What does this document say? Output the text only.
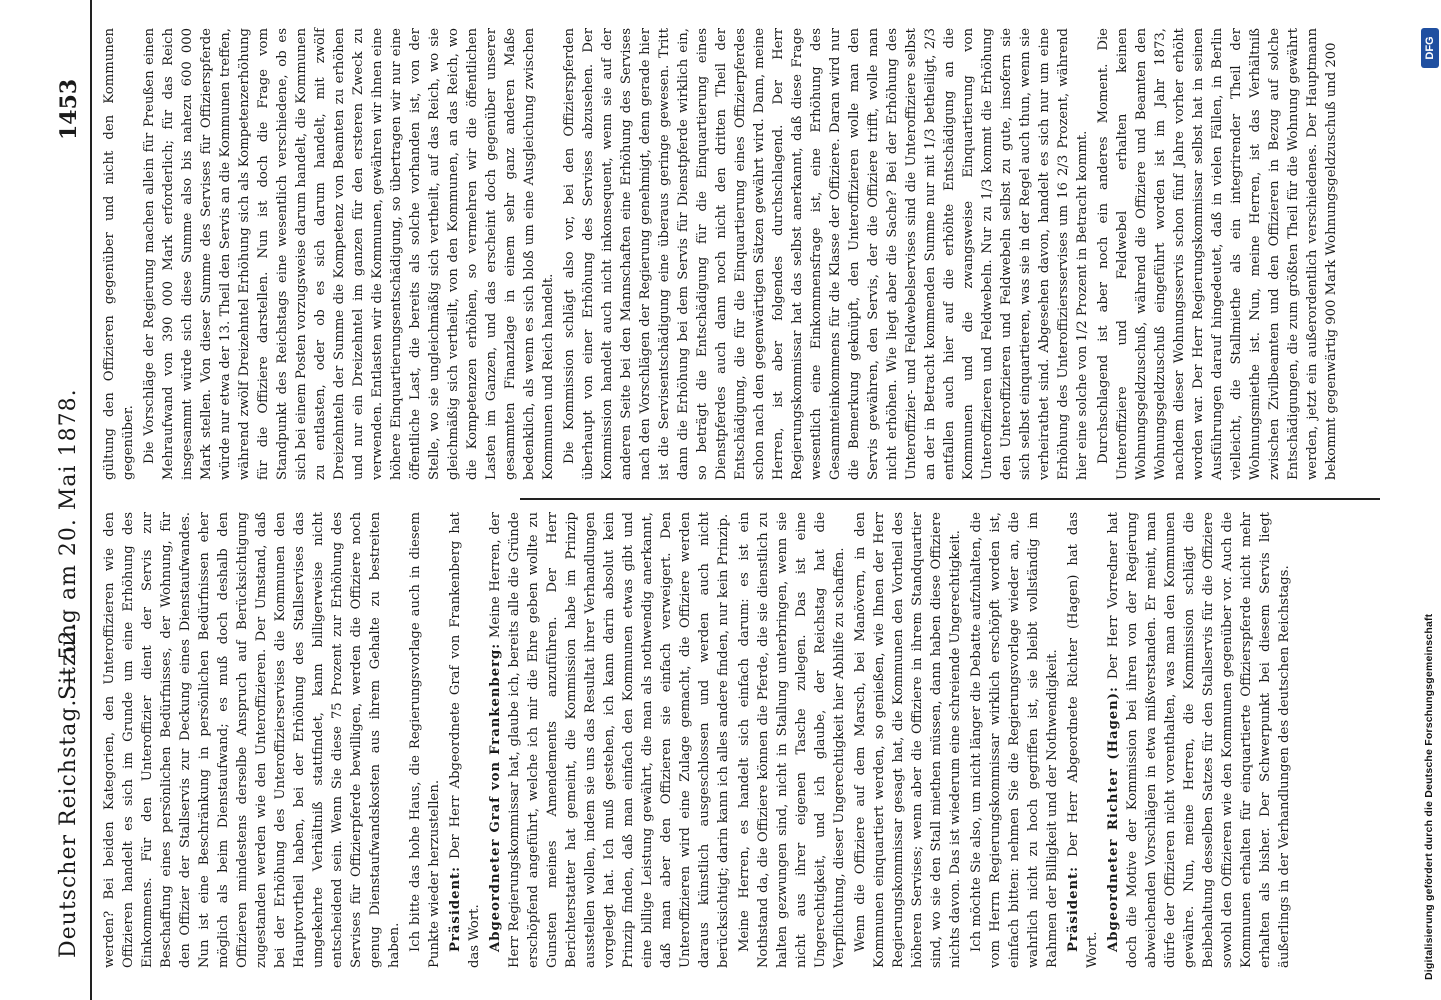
Deutscher Reichstag. — 52.
Sitzung am 20. Mai 1878.
1453

werden? Bei beiden Kategorien, den Unteroffizieren wie den Offizieren handelt es sich im Grunde um eine Erhöhung des Einkommens. Für den Unteroffizier dient der Servis zur Beschaffung eines persönlichen Bedürfnisses, der Wohnung, für den Offizier der Stallservis zur Deckung eines Dienstaufwandes. Nun ist eine Beschränkung in persönlichen Bedürfnissen eher möglich als beim Dienstaufwand; es muß doch deshalb den Offizieren mindestens derselbe Anspruch auf Berücksichtigung zugestanden werden wie den Unteroffizieren. Der Umstand, daß bei der Erhöhung des Unteroffizierservises die Kommunen den Hauptvortheil haben, bei der Erhöhung des Stallservises das umgekehrte Verhältniß stattfindet, kann billigerweise nicht entscheidend sein. Wenn Sie diese 75 Prozent zur Erhöhung des Servises für Offizierpferde bewilligen, werden die Offiziere noch genug Dienstaufwandskosten aus ihrem Gehalte zu bestreiten haben. Ich bitte das hohe Haus, die Regierungsvorlage auch in diesem Punkte wieder herzustellen. Präsident: Der Herr Abgeordnete Graf von Frankenberg hat das Wort. Abgeordneter Graf von Frankenberg: Meine Herren, der Herr Regierungskommissar hat, glaube ich, bereits alle die Gründe erschöpfend angeführt, welche ich mir die Ehre geben wollte zu Gunsten meines Amendements anzuführen. Der Herr Berichterstatter hat gemeint, die Kommission habe im Prinzip ausstellen wollen, indem sie uns das Resultat ihrer Verhandlungen vorgelegt hat. Ich muß gestehen, ich kann darin absolut kein Prinzip finden, daß man einfach den Kommunen etwas gibt und eine billige Leistung gewährt, die man als nothwendig anerkannt, daß man aber den Offizieren sie einfach verweigert. Den Unteroffizieren wird eine Zulage gemacht, die Offiziere werden daraus künstlich ausgeschlossen und werden auch nicht berücksichtigt; darin kann ich alles andere finden, nur kein Prinzip. Meine Herren, es handelt sich einfach darum: es ist ein Nothstand da, die Offiziere können die Pferde, die sie dienstlich zu halten gezwungen sind, nicht in Stallung unterbringen, wenn sie nicht aus ihrer eigenen Tasche zulegen. Das ist eine Ungerechtigkeit, und ich glaube, der Reichstag hat die Verpflichtung, dieser Ungerechtigkeit hier Abhilfe zu schaffen. Wenn die Offiziere auf dem Marsch, bei Manövern, in den Kommunen einquartiert werden, so genießen, wie Ihnen der Herr Regierungskommissar gesagt hat, die Kommunen den Vortheil des höheren Servises; wenn aber die Offiziere in ihrem Standquartier sind, wo sie den Stall miethen müssen, dann haben diese Offiziere nichts davon. Das ist wiederum eine schreiende Ungerechtigkeit. Ich möchte Sie also, um nicht länger die Debatte aufzuhalten, die vom Herrn Regierungskommissar wirklich erschöpft worden ist, einfach bitten: nehmen Sie die Regierungsvorlage wieder an, die wahrlich nicht zu hoch gegriffen ist, sie bleibt vollständig im Rahmen der Billigkeit und der Nothwendigkeit. Präsident: Der Herr Abgeordnete Richter (Hagen) hat das Wort. Abgeordneter Richter (Hagen): Der Herr Vorredner hat doch die Motive der Kommission bei ihren von der Regierung abweichenden Vorschlägen in etwa mißverstanden. Er meint, man dürfe der Offizieren nicht vorenthalten, was man den Kommunen gewähre. Nun, meine Herren, die Kommission schlägt die Beibehaltung desselben Satzes für den Stallservis für die Offiziere sowohl den Offizieren wie den Kommunen gegenüber vor. Auch die Kommunen erhalten für einquartierte Offizierspferde nicht mehr erhalten als bisher. Der Schwerpunkt bei diesem Servis liegt äußerlings in der Verhandlungen des deutschen Reichstags.

gültung den Offizieren gegenüber und nicht den Kommunen gegenüber. Die Vorschläge der Regierung machen allein für Preußen einen Mehraufwand von 390 000 Mark erforderlich; für das Reich insgesammt würde sich diese Summe also bis nahezu 600 000 Mark stellen. Von dieser Summe des Servises für Offizierspferde würde nur etwa der 13. Theil den Servis an die Kommunen treffen, während zwölf Dreizehntel Erhöhung sich als Kompetenzerhöhung für die Offiziere darstellen. Nun ist doch die Frage vom Standpunkt des Reichstags eine wesentlich verschiedene, ob es sich bei einem Posten vorzugsweise darum handelt, die Kommunen zu entlasten, oder ob es sich darum handelt, mit zwölf Dreizehnteln der Summe die Kompetenz von Beamten zu erhöhen und nur ein Dreizehntel im ganzen für den ersteren Zweck zu verwenden. Entlasten wir die Kommunen, gewähren wir ihnen eine höhere Einquartierungsentschädigung, so übertragen wir nur eine öffentliche Last, die bereits als solche vorhanden ist, von der Stelle, wo sie ungleichmäßig sich vertheilt, auf das Reich, wo sie gleichmäßig sich vertheilt, von den Kommunen, an das Reich, wo die Kompetenzen erhöhen, so vermehren wir die öffentlichen Lasten im Ganzen, und das erscheint doch gegenüber unserer gesammten Finanzlage in einem sehr ganz anderen Maße bedenklich, als wenn es sich bloß um eine Ausgleichung zwischen Kommunen und Reich handelt. Die Kommission schlägt also vor, bei den Offizierspferden überhaupt von einer Erhöhung des Servises abzusehen. Der Kommission handelt auch nicht inkonsequent, wenn sie auf der anderen Seite bei den Mannschaften eine Erhöhung des Servises nach den Vorschlägen der Regierung genehmigt, denn gerade hier ist die Servisentschädigung eine überaus geringe gewesen. Tritt dann die Erhöhung bei dem Servis für Dienstpferde wirklich ein, so beträgt die Entschädigung für die Einquartierung eines Dienstpferdes auch dann noch nicht den dritten Theil der Entschädigung, die für die Einquartierung eines Offizierpferdes schon nach den gegenwärtigen Sätzen gewährt wird. Dann, meine Herren, ist aber folgendes durchschlagend. Der Herr Regierungskommissar hat das selbst anerkannt, daß diese Frage wesentlich eine Einkommensfrage ist, eine Erhöhung des Gesammteinkommens für die Klasse der Offiziere. Daran wird nur die Bemerkung geknüpft, den Unteroffizieren wolle man den Servis gewähren, den Servis, der die Offiziere trifft, wolle man nicht erhöhen. Wie liegt aber die Sache? Bei der Erhöhung des Unteroffizier- und Feldwebelservises sind die Unteroffiziere selbst an der in Betracht kommenden Summe nur mit 1/3 betheiligt, 2/3 entfallen auch hier auf die erhöhte Entschädigung an die Kommunen und die zwangsweise Einquartierung von Unteroffizieren und Feldwebeln. Nur zu 1/3 kommt die Erhöhung den Unteroffizieren und Feldwebeln selbst zu gute, insofern sie sich selbst einquartieren, was sie in der Regel auch thun, wenn sie verheirathet sind. Abgesehen davon, handelt es sich nur um eine Erhöhung des Unteroffiziersservises um 16 2/3 Prozent, während hier eine solche von 1/2 Prozent in Betracht kommt. Durchschlagend ist aber noch ein anderes Moment. Die Unteroffiziere und Feldwebel erhalten keinen Wohnungsgeldzuschuß, während die Offiziere und Beamten den Wohnungsgeldzuschuß eingeführt worden ist im Jahr 1873, nachdem dieser Wohnungsservis schon fünf Jahre vorher erhöht worden war. Der Herr Regierungskommissar selbst hat in seinen Ausführungen darauf hingedeutet, daß in vielen Fällen, in Berlin vielleicht, die Stallmiethe als ein integrirender Theil der Wohnungsmiethe ist. Nun, meine Herren, ist das Verhältniß zwischen Zivilbeamten und den Offizieren in Bezug auf solche Entschädigungen, die zum größten Theil für die Wohnung gewährt werden, jetzt ein außerordentlich verschiedenes. Der Hauptmann bekommt gegenwärtig 900 Mark Wohnungsgeldzuschuß und 200

Digitalisierung gefördert durch die Deutsche Forschungsgemeinschaft
DFG
